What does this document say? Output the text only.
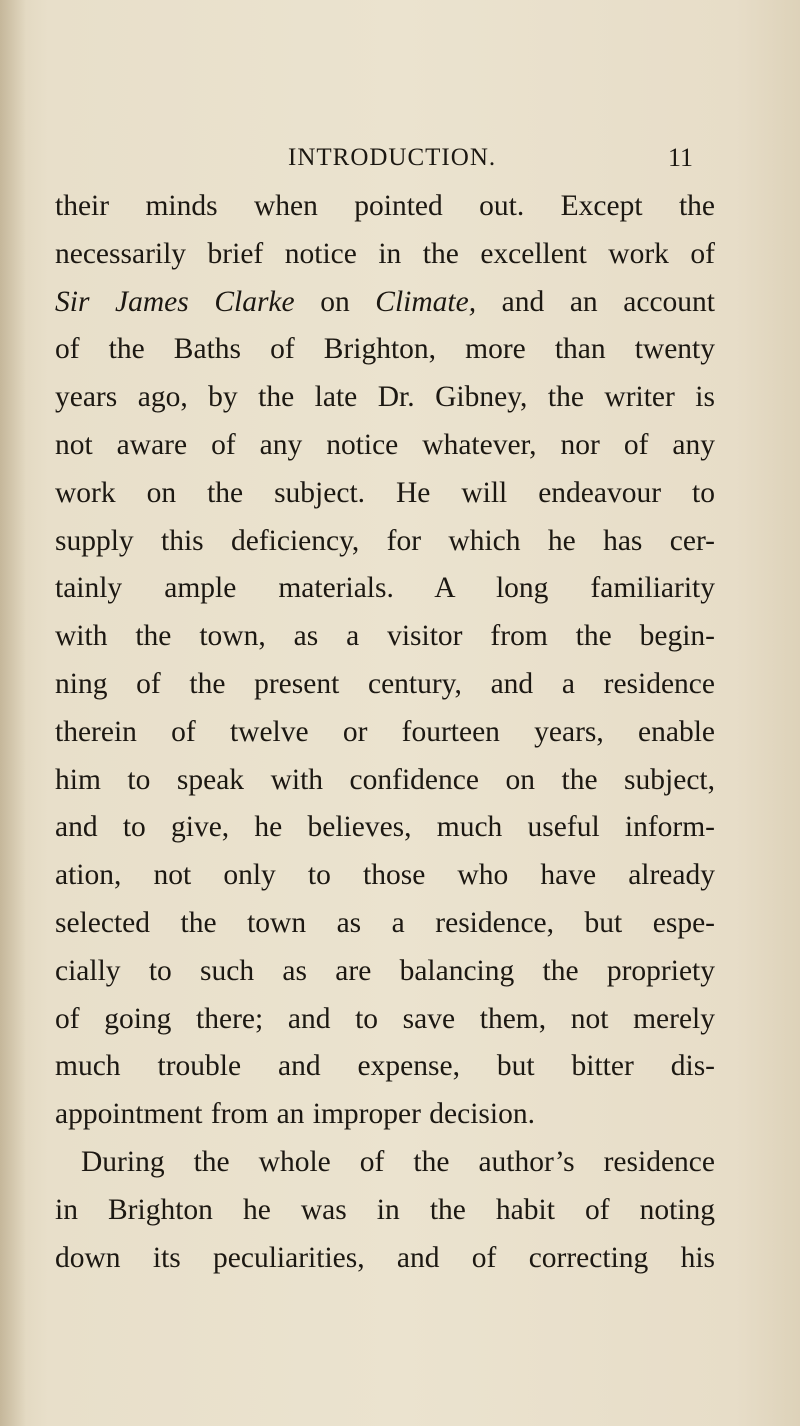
INTRODUCTION.	11
their minds when pointed out. Except the
necessarily brief notice in the excellent work of
Sir James Clarke on Climate, and an account
of the Baths of Brighton, more than twenty
years ago, by the late Dr. Gibney, the writer is
not aware of any notice whatever, nor of any
work on the subject. He will endeavour to
supply this deficiency, for which he has cer-
tainly ample materials. A long familiarity
with the town, as a visitor from the begin-
ning of the present century, and a residence
therein of twelve or fourteen years, enable
him to speak with confidence on the subject,
and to give, he believes, much useful inform-
ation, not only to those who have already
selected the town as a residence, but espe-
cially to such as are balancing the propriety
of going there; and to save them, not merely
much trouble and expense, but bitter dis-
appointment from an improper decision.
During the whole of the author’s residence
in Brighton he was in the habit of noting
down its peculiarities, and of correcting his
